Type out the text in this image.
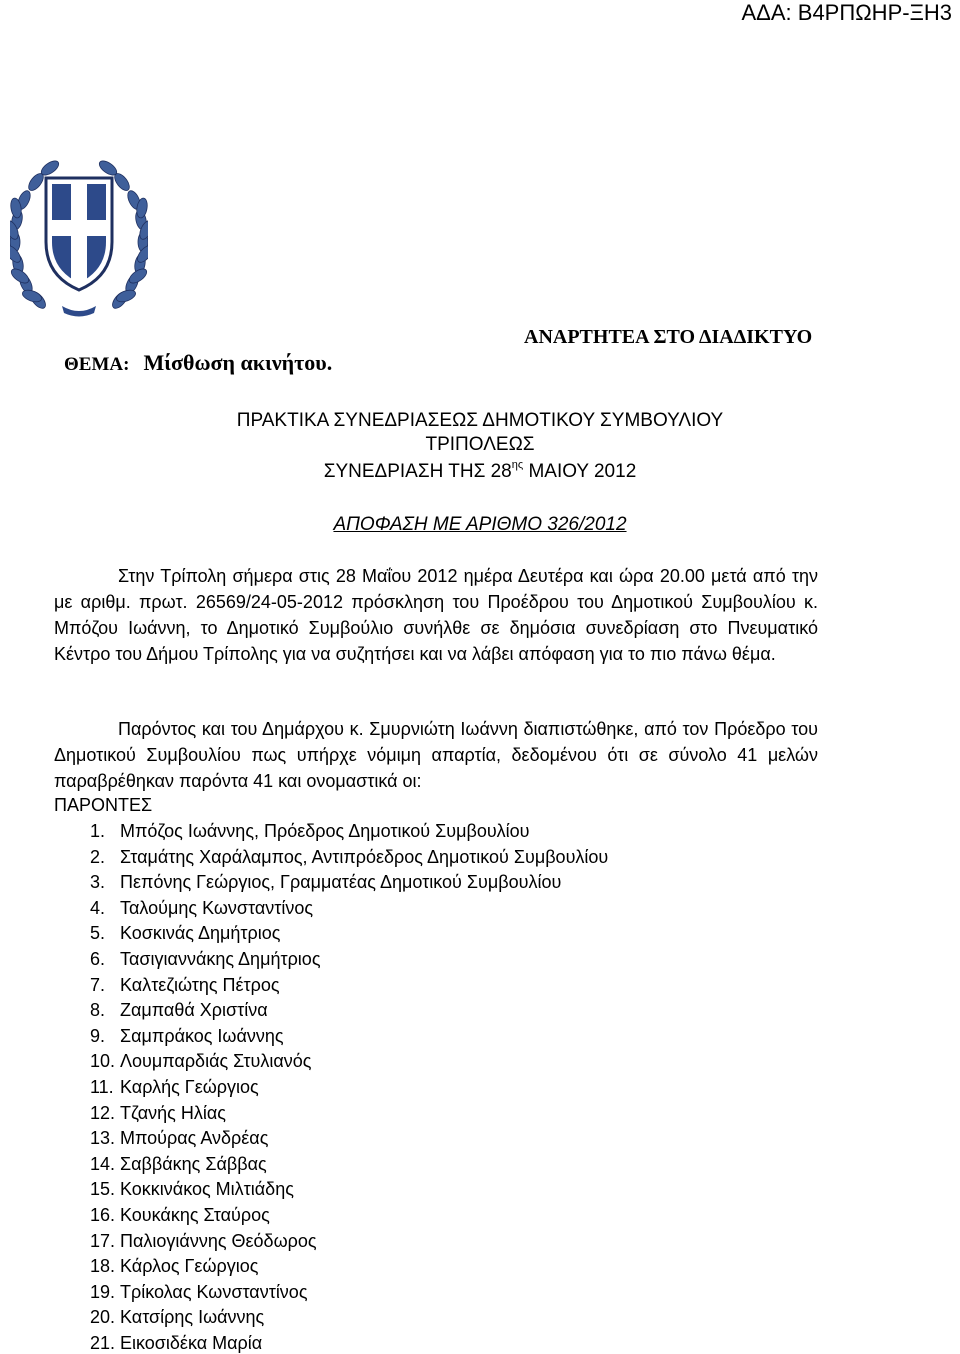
ΑΔΑ: Β4ΡΠΩΗΡ-ΞΗ3
ΑΝΑΡΤΗΤΕΑ ΣΤΟ ΔΙΑΔΙΚΤΥΟ
ΘΕΜΑ: Μίσθωση ακινήτου.
ΠΡΑΚΤΙΚΑ ΣΥΝΕΔΡΙΑΣΕΩΣ ΔΗΜΟΤΙΚΟΥ ΣΥΜΒΟΥΛΙΟΥ
ΤΡΙΠΟΛΕΩΣ
ΣΥΝΕΔΡΙΑΣΗ ΤΗΣ $28^{\eta\varsigma}$ ΜΑΙΟΥ 2012
ΑΠΟΦΑΣΗ ΜΕ ΑΡΙΘΜΟ 326/2012
Στην Τρίπολη σήμερα στις 28 Μαΐου 2012 ημέρα Δευτέρα και ώρα 20.00 μετά από την με αριθμ. πρωτ. 26569/24-05-2012 πρόσκληση του Προέδρου του Δημοτικού Συμβουλίου κ. Μπόζου Ιωάννη, το Δημοτικό Συμβούλιο συνήλθε σε δημόσια συνεδρίαση στο Πνευματικό Κέντρο του Δήμου Τρίπολης για να συζητήσει και να λάβει απόφαση για το πιο πάνω θέμα.
Παρόντος και του Δημάρχου κ. Σμυρνιώτη Ιωάννη διαπιστώθηκε, από τον Πρόεδρο του Δημοτικού Συμβουλίου πως υπήρχε νόμιμη απαρτία, δεδομένου ότι σε σύνολο 41 μελών παραβρέθηκαν παρόντα 41 και ονομαστικά οι:
ΠΑΡΟΝΤΕΣ
1. Μπόζος Ιωάννης, Πρόεδρος Δημοτικού Συμβουλίου
2. Σταμάτης Χαράλαμπος, Αντιπρόεδρος Δημοτικού Συμβουλίου
3. Πεπόνης Γεώργιος, Γραμματέας Δημοτικού Συμβουλίου
4. Ταλούμης Κωνσταντίνος
5. Κοσκινάς Δημήτριος
6. Τασιγιαννάκης Δημήτριος
7. Καλτεζιώτης Πέτρος
8. Ζαμπαθά Χριστίνα
9. Σαμπράκος Ιωάννης
10. Λουμπαρδιάς Στυλιανός
11. Καρλής Γεώργιος
12. Τζανής Ηλίας
13. Μπούρας Ανδρέας
14. Σαββάκης Σάββας
15. Κοκκινάκος Μιλτιάδης
16. Κουκάκης Σταύρος
17. Παλιογιάννης Θεόδωρος
18. Κάρλος Γεώργιος
19. Τρίκολας Κωνσταντίνος
20. Κατσίρης Ιωάννης
21. Εικοσιδέκα Μαρία
